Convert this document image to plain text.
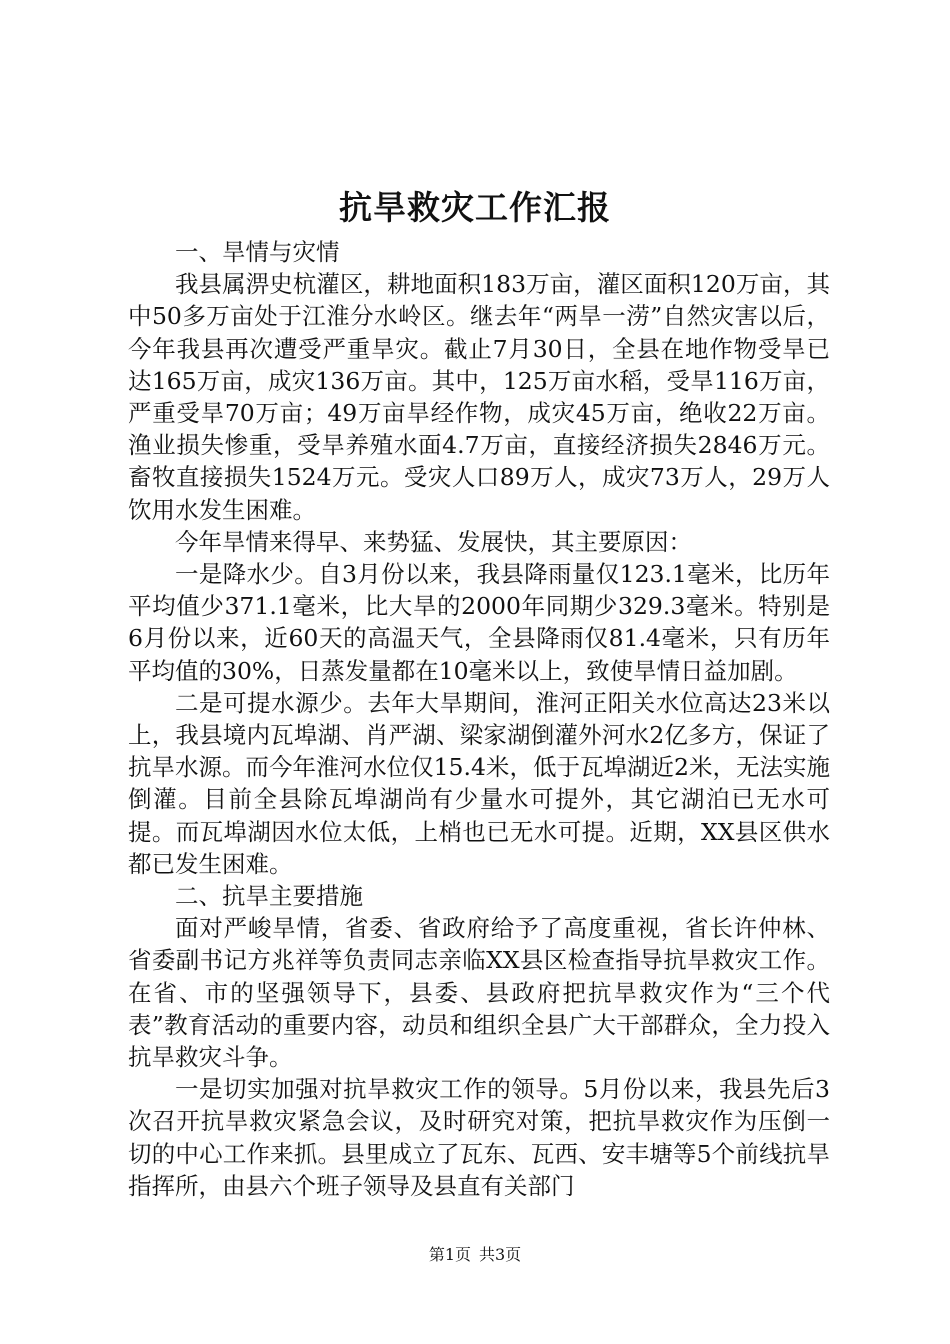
抗旱救灾工作汇报

一、旱情与灾情

我县属淠史杭灌区，耕地面积183万亩，灌区面积120万亩，其中50多万亩处于江淮分水岭区。继去年“两旱一涝”自然灾害以后，今年我县再次遭受严重旱灾。截止7月30日，全县在地作物受旱已达165万亩，成灾136万亩。其中，125万亩水稻，受旱116万亩，严重受旱70万亩；49万亩旱经作物，成灾45万亩，绝收22万亩。渔业损失惨重，受旱养殖水面4.7万亩，直接经济损失2846万元。畜牧直接损失1524万元。受灾人口89万人，成灾73万人，29万人饮用水发生困难。

今年旱情来得早、来势猛、发展快，其主要原因：

一是降水少。自3月份以来，我县降雨量仅123.1毫米，比历年平均值少371.1毫米，比大旱的2000年同期少329.3毫米。特别是6月份以来，近60天的高温天气，全县降雨仅81.4毫米，只有历年平均值的30%，日蒸发量都在10毫米以上，致使旱情日益加剧。

二是可提水源少。去年大旱期间，淮河正阳关水位高达23米以上，我县境内瓦埠湖、肖严湖、梁家湖倒灌外河水2亿多方，保证了抗旱水源。而今年淮河水位仅15.4米，低于瓦埠湖近2米，无法实施倒灌。目前全县除瓦埠湖尚有少量水可提外，其它湖泊已无水可提。而瓦埠湖因水位太低，上梢也已无水可提。近期，XX县区供水都已发生困难。

二、抗旱主要措施

面对严峻旱情，省委、省政府给予了高度重视，省长许仲林、省委副书记方兆祥等负责同志亲临XX县区检查指导抗旱救灾工作。在省、市的坚强领导下，县委、县政府把抗旱救灾作为“三个代表”教育活动的重要内容，动员和组织全县广大干部群众，全力投入抗旱救灾斗争。

一是切实加强对抗旱救灾工作的领导。5月份以来，我县先后3次召开抗旱救灾紧急会议，及时研究对策，把抗旱救灾作为压倒一切的中心工作来抓。县里成立了瓦东、瓦西、安丰塘等5个前线抗旱指挥所，由县六个班子领导及县直有关部门

第1页 共3页
